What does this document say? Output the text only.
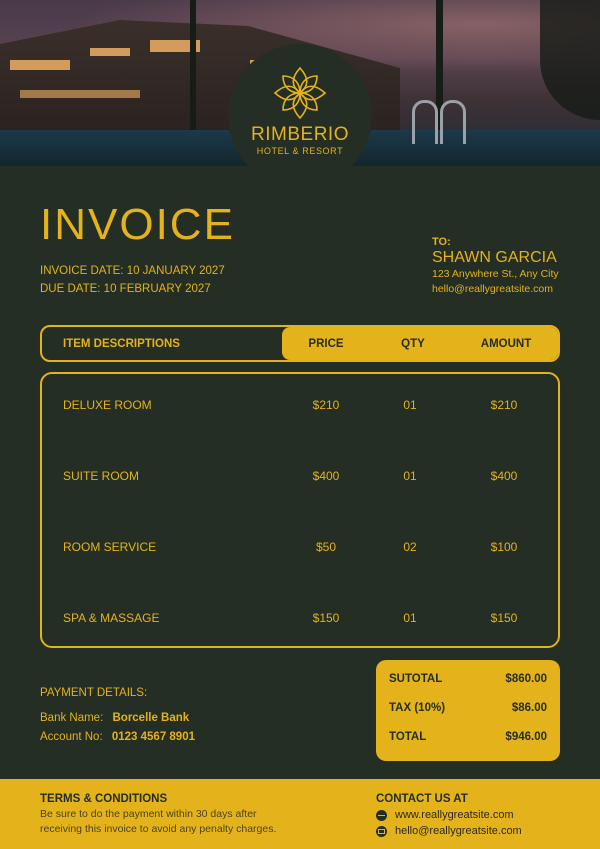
RIMBERIO
HOTEL & RESORT
INVOICE
INVOICE DATE: 10 JANUARY 2027
DUE DATE: 10 FEBRUARY 2027
TO:
SHAWN GARCIA
123 Anywhere St., Any City
hello@reallygreatsite.com
ITEM DESCRIPTIONS	PRICE	QTY	AMOUNT
DELUXE ROOM	$210	01	$210
SUITE ROOM	$400	01	$400
ROOM SERVICE	$50	02	$100
SPA & MASSAGE	$150	01	$150
PAYMENT DETAILS:
Bank Name: Borcelle Bank
Account No: 0123 4567 8901
SUTOTAL	$860.00
TAX (10%)	$86.00
TOTAL	$946.00
TERMS & CONDITIONS
Be sure to do the payment within 30 days after
receiving this invoice to avoid any penalty charges.
CONTACT US AT
www.reallygreatsite.com
hello@reallygreatsite.com
